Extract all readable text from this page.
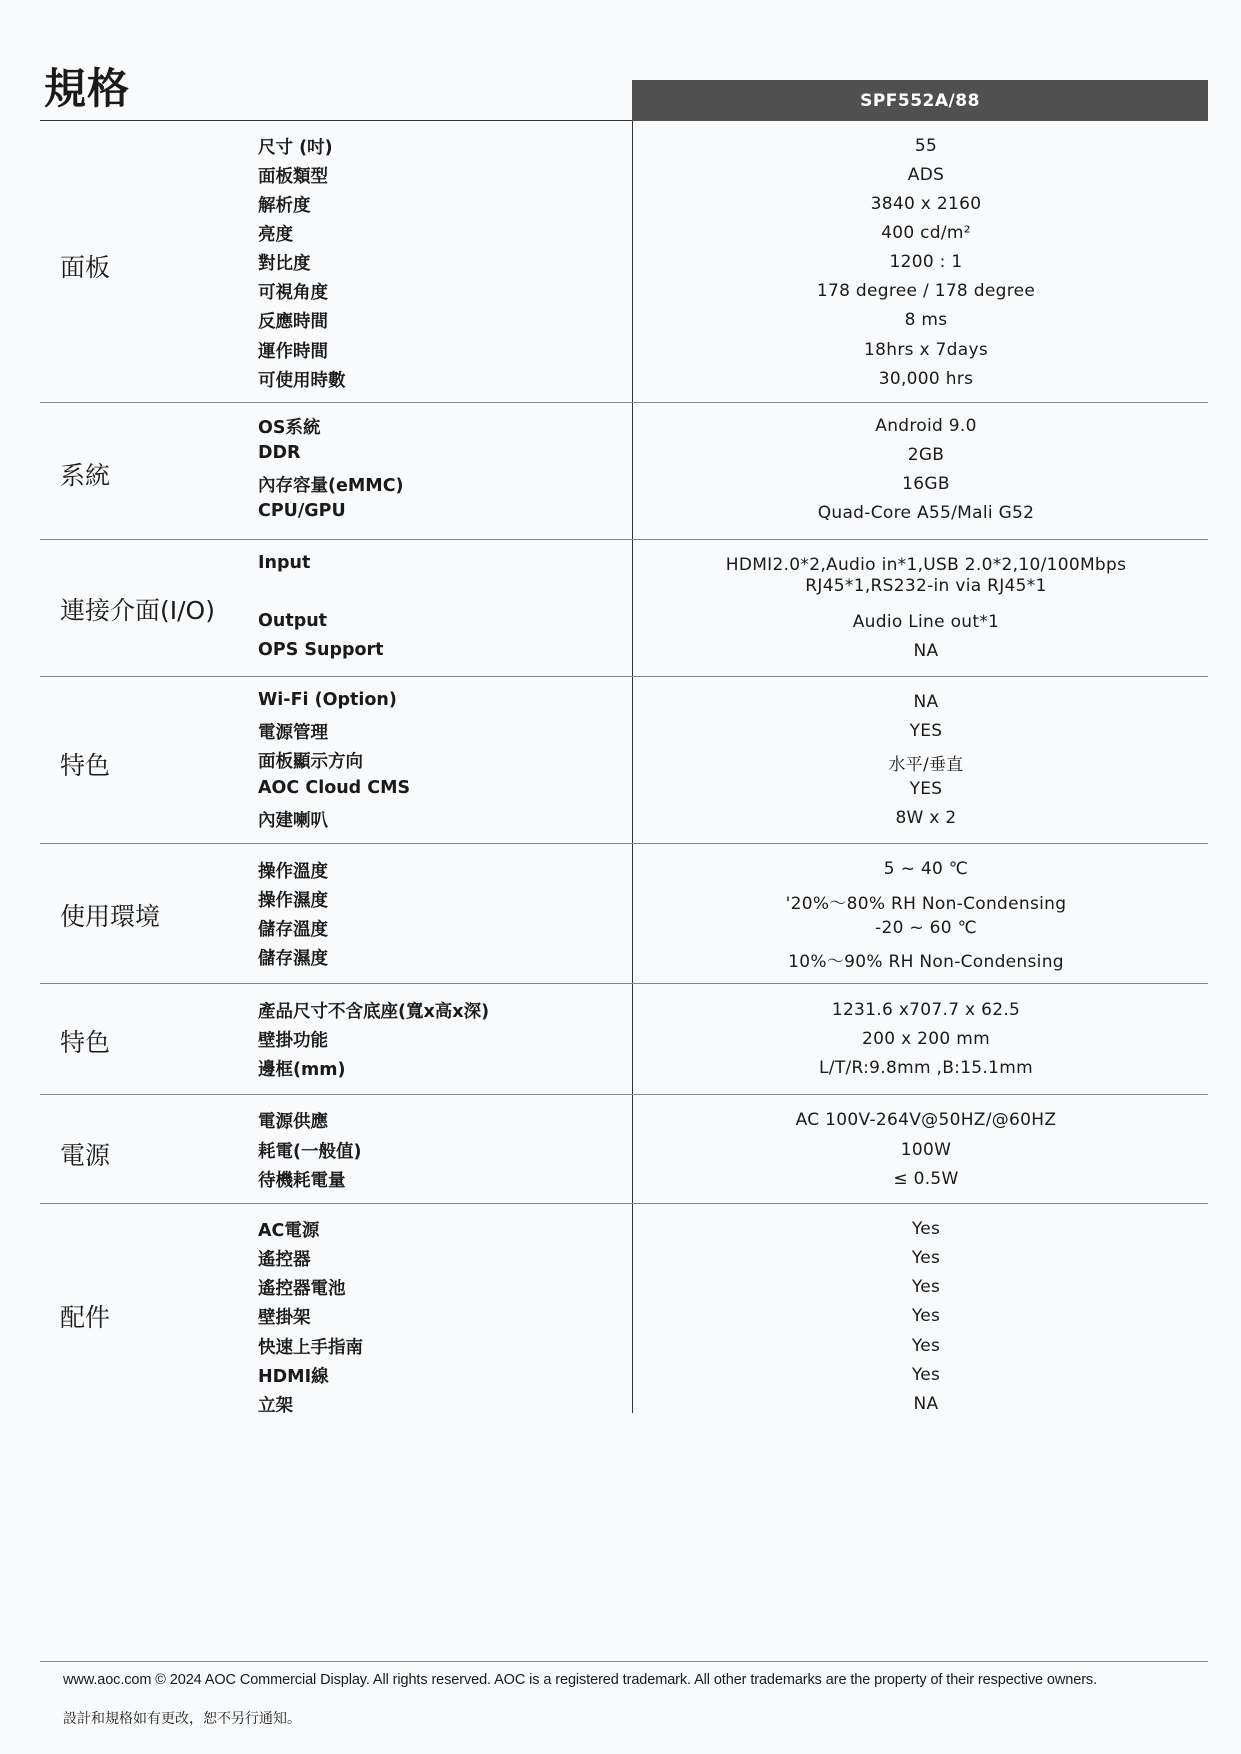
規格	SPF552A/88
面板
尺寸 (吋)	55
面板類型	ADS
解析度	3840 x 2160
亮度	400 cd/m²
對比度	1200 : 1
可視角度	178 degree / 178 degree
反應時間	8 ms
運作時間	18hrs x 7days
可使用時數	30,000 hrs
系統
OS系統	Android 9.0
DDR	2GB
內存容量(eMMC)	16GB
CPU/GPU	Quad-Core A55/Mali G52
連接介面(I/O)
Input	HDMI2.0*2,Audio in*1,USB 2.0*2,10/100Mbps
RJ45*1,RS232-in via RJ45*1
Output	Audio Line out*1
OPS Support	NA
特色
Wi-Fi (Option)	NA
電源管理	YES
面板顯示方向	水平/垂直
AOC Cloud CMS	YES
內建喇叭	8W x 2
使用環境
操作溫度	5 ~ 40 ℃
操作濕度	'20%～80% RH Non-Condensing
儲存溫度	-20 ~ 60 ℃
儲存濕度	10%～90% RH Non-Condensing
特色
產品尺寸不含底座(寬x高x深)	1231.6 x707.7 x 62.5
壁掛功能	200 x 200 mm
邊框(mm)	L/T/R:9.8mm ,B:15.1mm
電源
電源供應	AC 100V-264V@50HZ/@60HZ
耗電(一般值)	100W
待機耗電量	≤ 0.5W
配件
AC電源	Yes
遙控器	Yes
遙控器電池	Yes
壁掛架	Yes
快速上手指南	Yes
HDMI線	Yes
立架	NA
www.aoc.com © 2024 AOC Commercial Display. All rights reserved. AOC is a registered trademark. All other trademarks are the property of their respective owners.
設計和規格如有更改，恕不另行通知。
